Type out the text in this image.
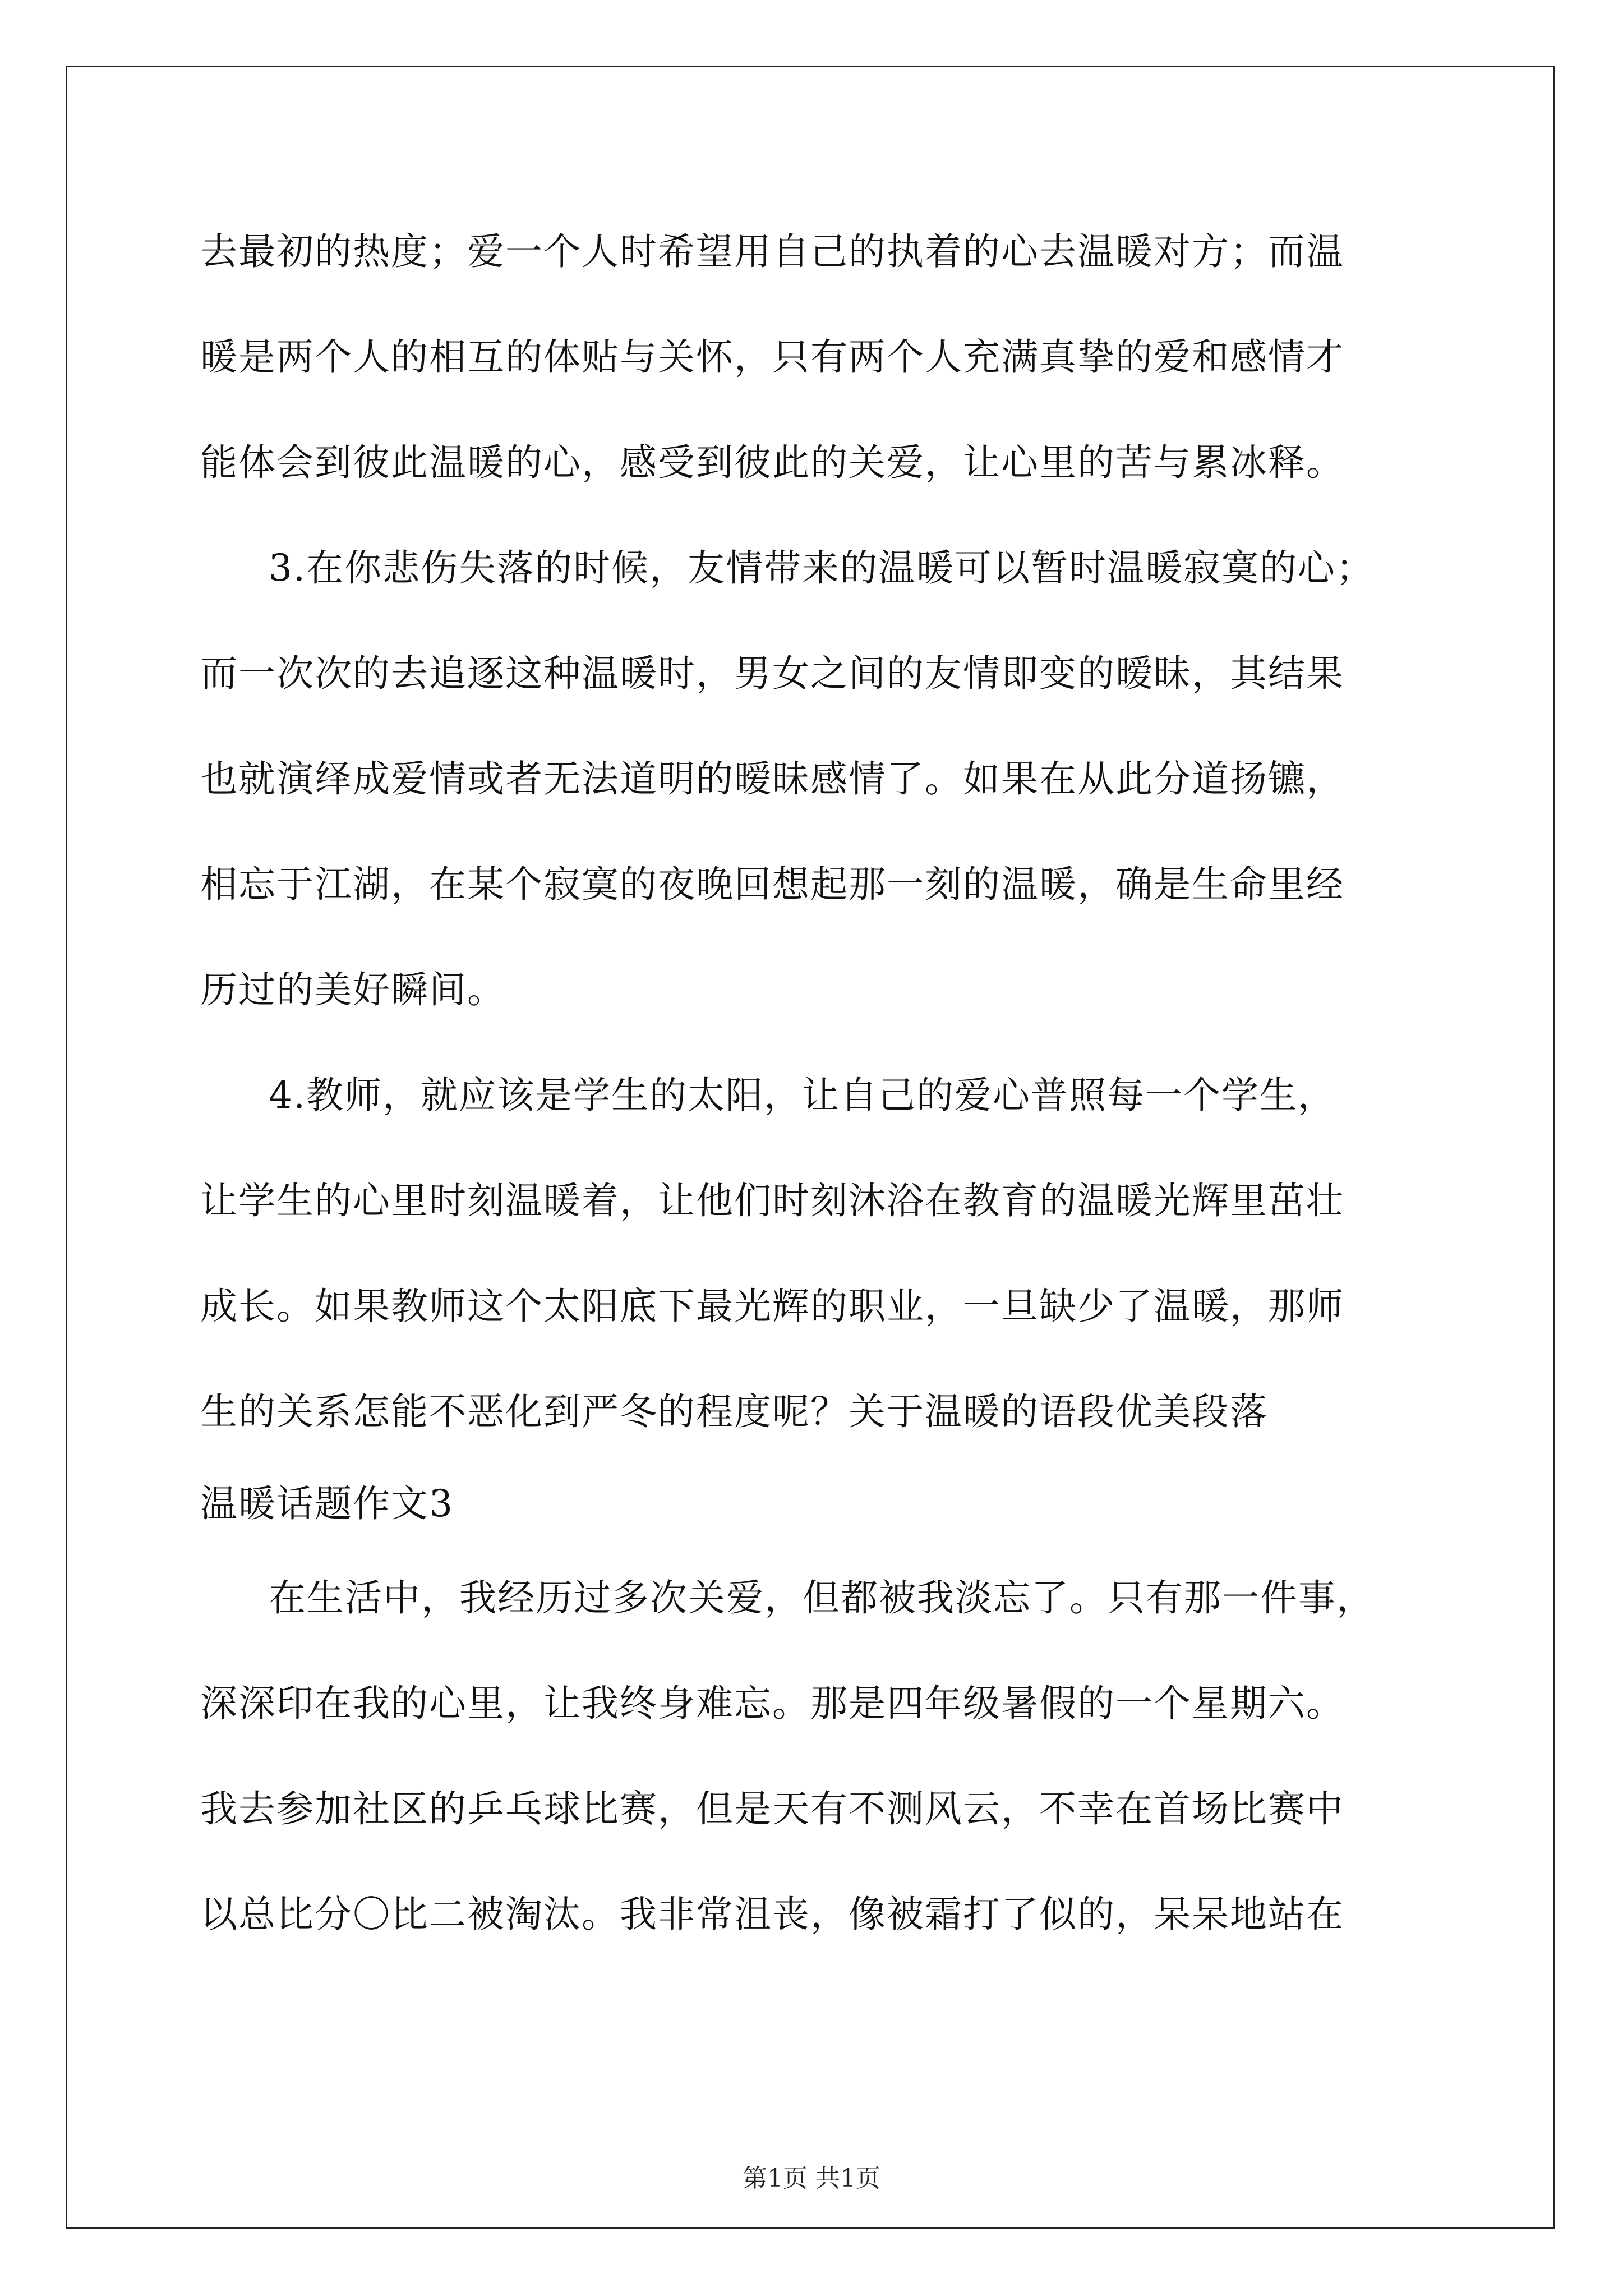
去最初的热度；爱一个人时希望用自己的执着的心去温暖对方；而温
暖是两个人的相互的体贴与关怀，只有两个人充满真挚的爱和感情才
能体会到彼此温暖的心，感受到彼此的关爱，让心里的苦与累冰释。
3.在你悲伤失落的时候，友情带来的温暖可以暂时温暖寂寞的心；
而一次次的去追逐这种温暖时，男女之间的友情即变的暧昧，其结果
也就演绎成爱情或者无法道明的暧昧感情了。如果在从此分道扬镳，
相忘于江湖，在某个寂寞的夜晚回想起那一刻的温暖，确是生命里经
历过的美好瞬间。
4.教师，就应该是学生的太阳，让自己的爱心普照每一个学生，
让学生的心里时刻温暖着，让他们时刻沐浴在教育的温暖光辉里茁壮
成长。如果教师这个太阳底下最光辉的职业，一旦缺少了温暖，那师
生的关系怎能不恶化到严冬的程度呢？关于温暖的语段优美段落
温暖话题作文3
在生活中，我经历过多次关爱，但都被我淡忘了。只有那一件事，
深深印在我的心里，让我终身难忘。那是四年级暑假的一个星期六。
我去参加社区的乒乓球比赛，但是天有不测风云，不幸在首场比赛中
以总比分〇比二被淘汰。我非常沮丧，像被霜打了似的，呆呆地站在
第1页 共1页
